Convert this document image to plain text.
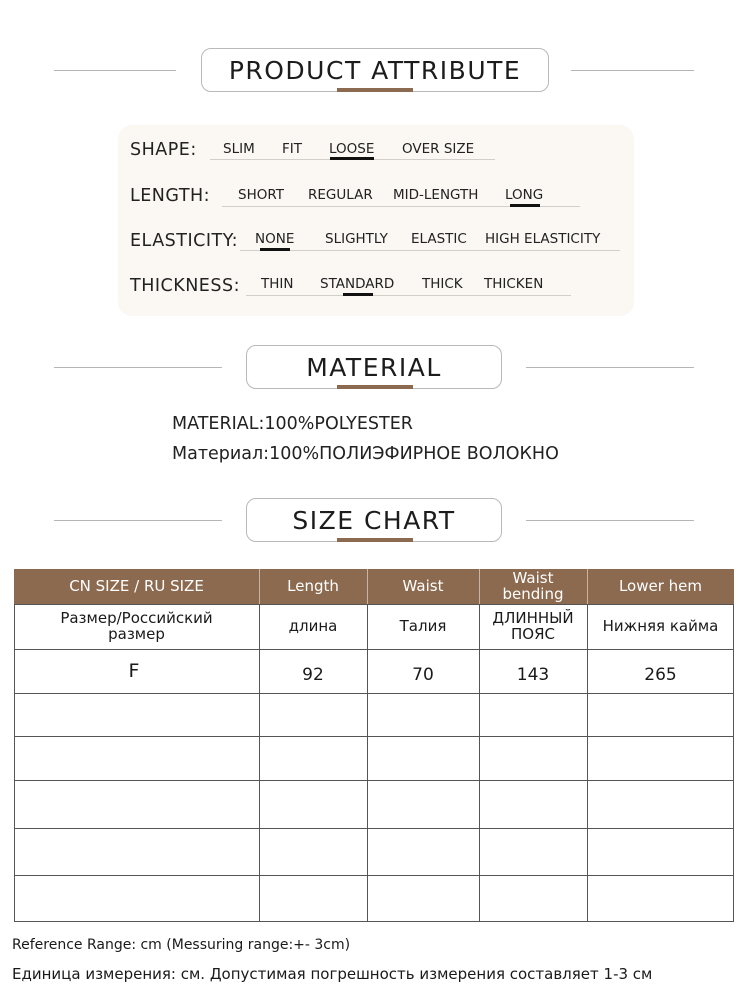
PRODUCT ATTRIBUTE
SHAPE: SLIM FIT LOOSE OVER SIZE
LENGTH: SHORT REGULAR MID-LENGTH LONG
ELASTICITY: NONE SLIGHTLY ELASTIC HIGH ELASTICITY
THICKNESS: THIN STANDARD THICK THICKEN
MATERIAL
MATERIAL:100%POLYESTER
Материал:100%ПОЛИЭФИРНОЕ ВОЛОКНО
SIZE CHART
CN SIZE / RU SIZE	Length	Waist	Waist bending	Lower hem
Размер/Российский размер	длина	Талия	ДЛИННЫЙ ПОЯС	Нижняя кайма
F	92	70	143	265
Reference Range: cm (Messuring range:+- 3cm)
Единица измерения: см. Допустимая погрешность измерения составляет 1-3 см
